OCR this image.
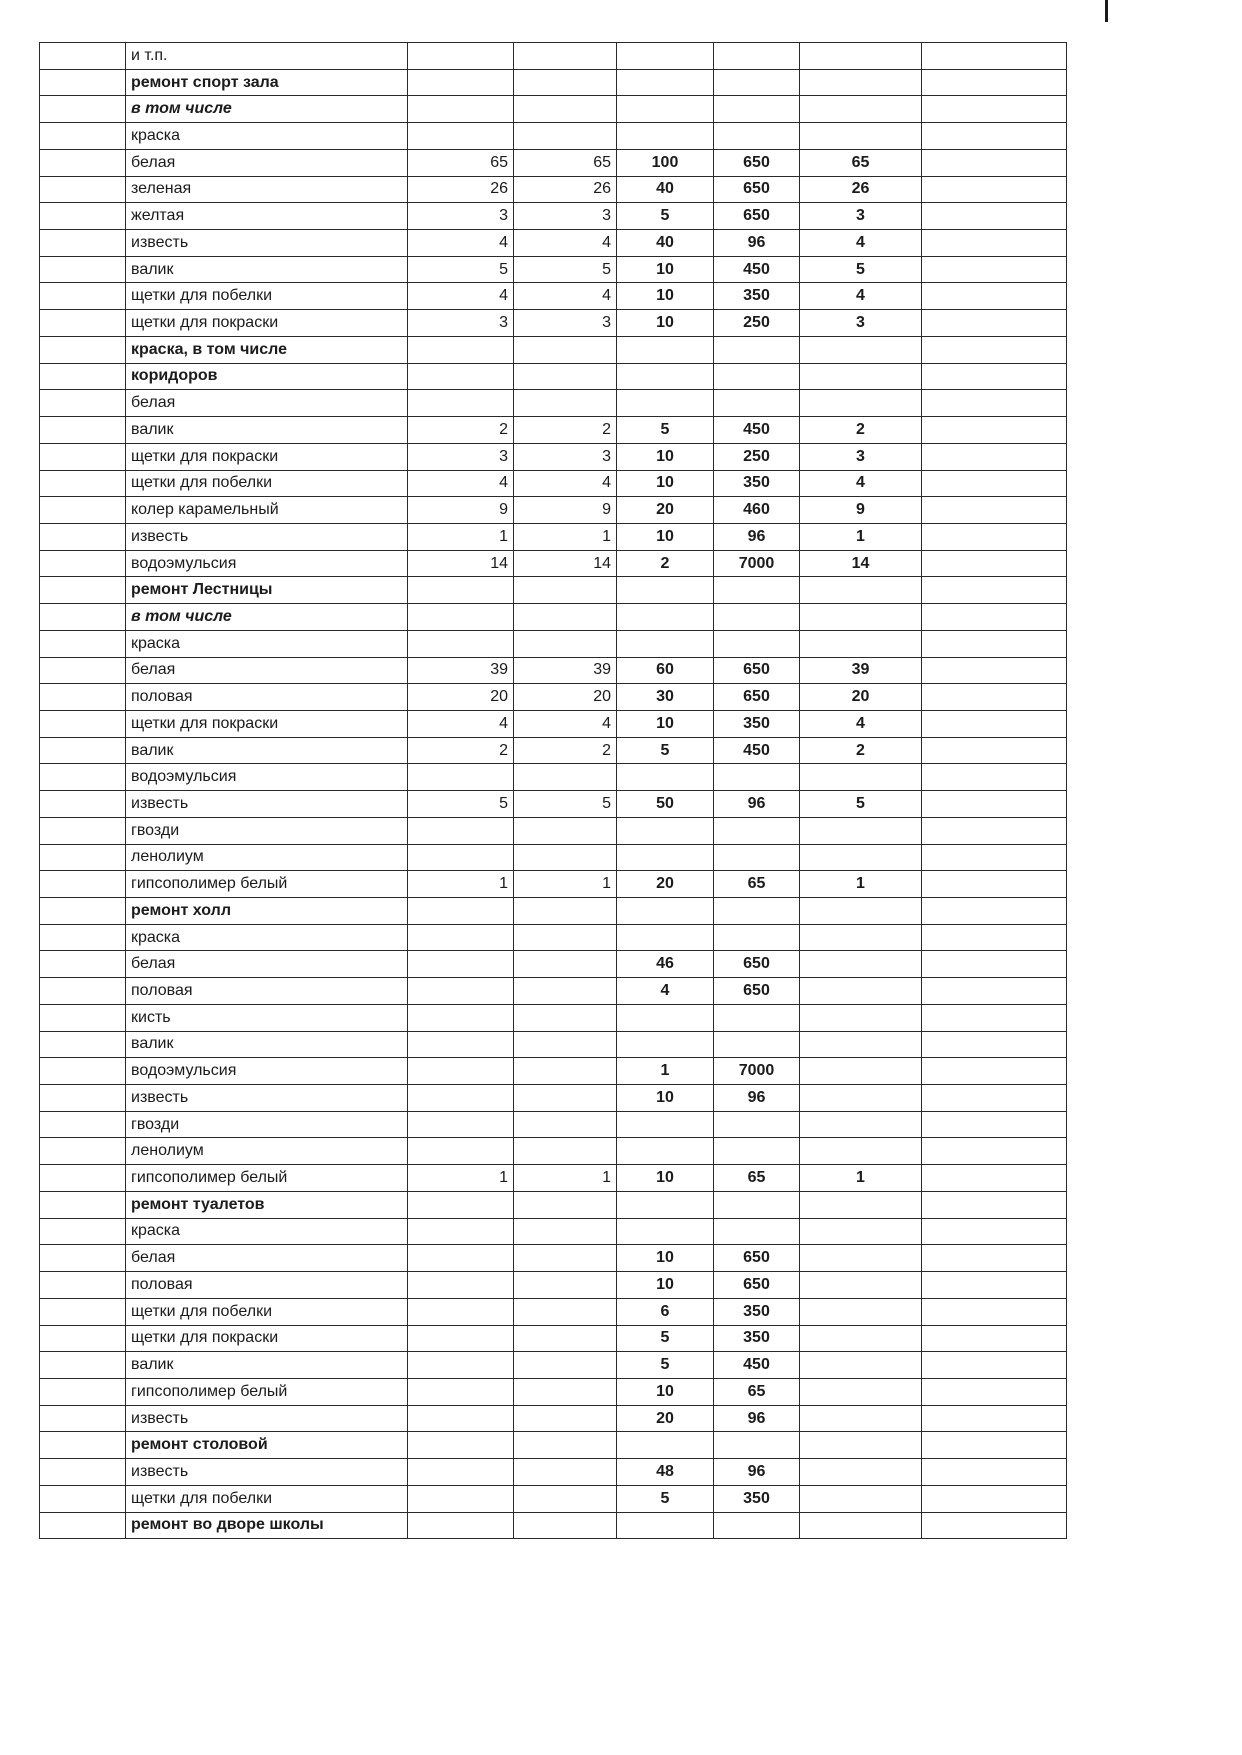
	и т.п.						
	ремонт спорт зала						
	в том числе						
	краска						
	белая	65	65	100	650	65	
	зеленая	26	26	40	650	26	
	желтая	3	3	5	650	3	
	известь	4	4	40	96	4	
	валик	5	5	10	450	5	
	щетки для побелки	4	4	10	350	4	
	щетки для покраски	3	3	10	250	3	
	краска, в том числе						
	коридоров						
	белая						
	валик	2	2	5	450	2	
	щетки для покраски	3	3	10	250	3	
	щетки для побелки	4	4	10	350	4	
	колер карамельный	9	9	20	460	9	
	известь	1	1	10	96	1	
	водоэмульсия	14	14	2	7000	14	
	ремонт Лестницы						
	в том числе						
	краска						
	белая	39	39	60	650	39	
	половая	20	20	30	650	20	
	щетки для покраски	4	4	10	350	4	
	валик	2	2	5	450	2	
	водоэмульсия						
	известь	5	5	50	96	5	
	гвозди						
	ленолиум						
	гипсополимер белый	1	1	20	65	1	
	ремонт холл						
	краска						
	белая			46	650		
	половая			4	650		
	кисть						
	валик						
	водоэмульсия			1	7000		
	известь			10	96		
	гвозди						
	ленолиум						
	гипсополимер белый	1	1	10	65	1	
	ремонт туалетов						
	краска						
	белая			10	650		
	половая			10	650		
	щетки для побелки			6	350		
	щетки для покраски			5	350		
	валик			5	450		
	гипсополимер белый			10	65		
	известь			20	96		
	ремонт столовой						
	известь			48	96		
	щетки для побелки			5	350		
	ремонт во дворе школы						
